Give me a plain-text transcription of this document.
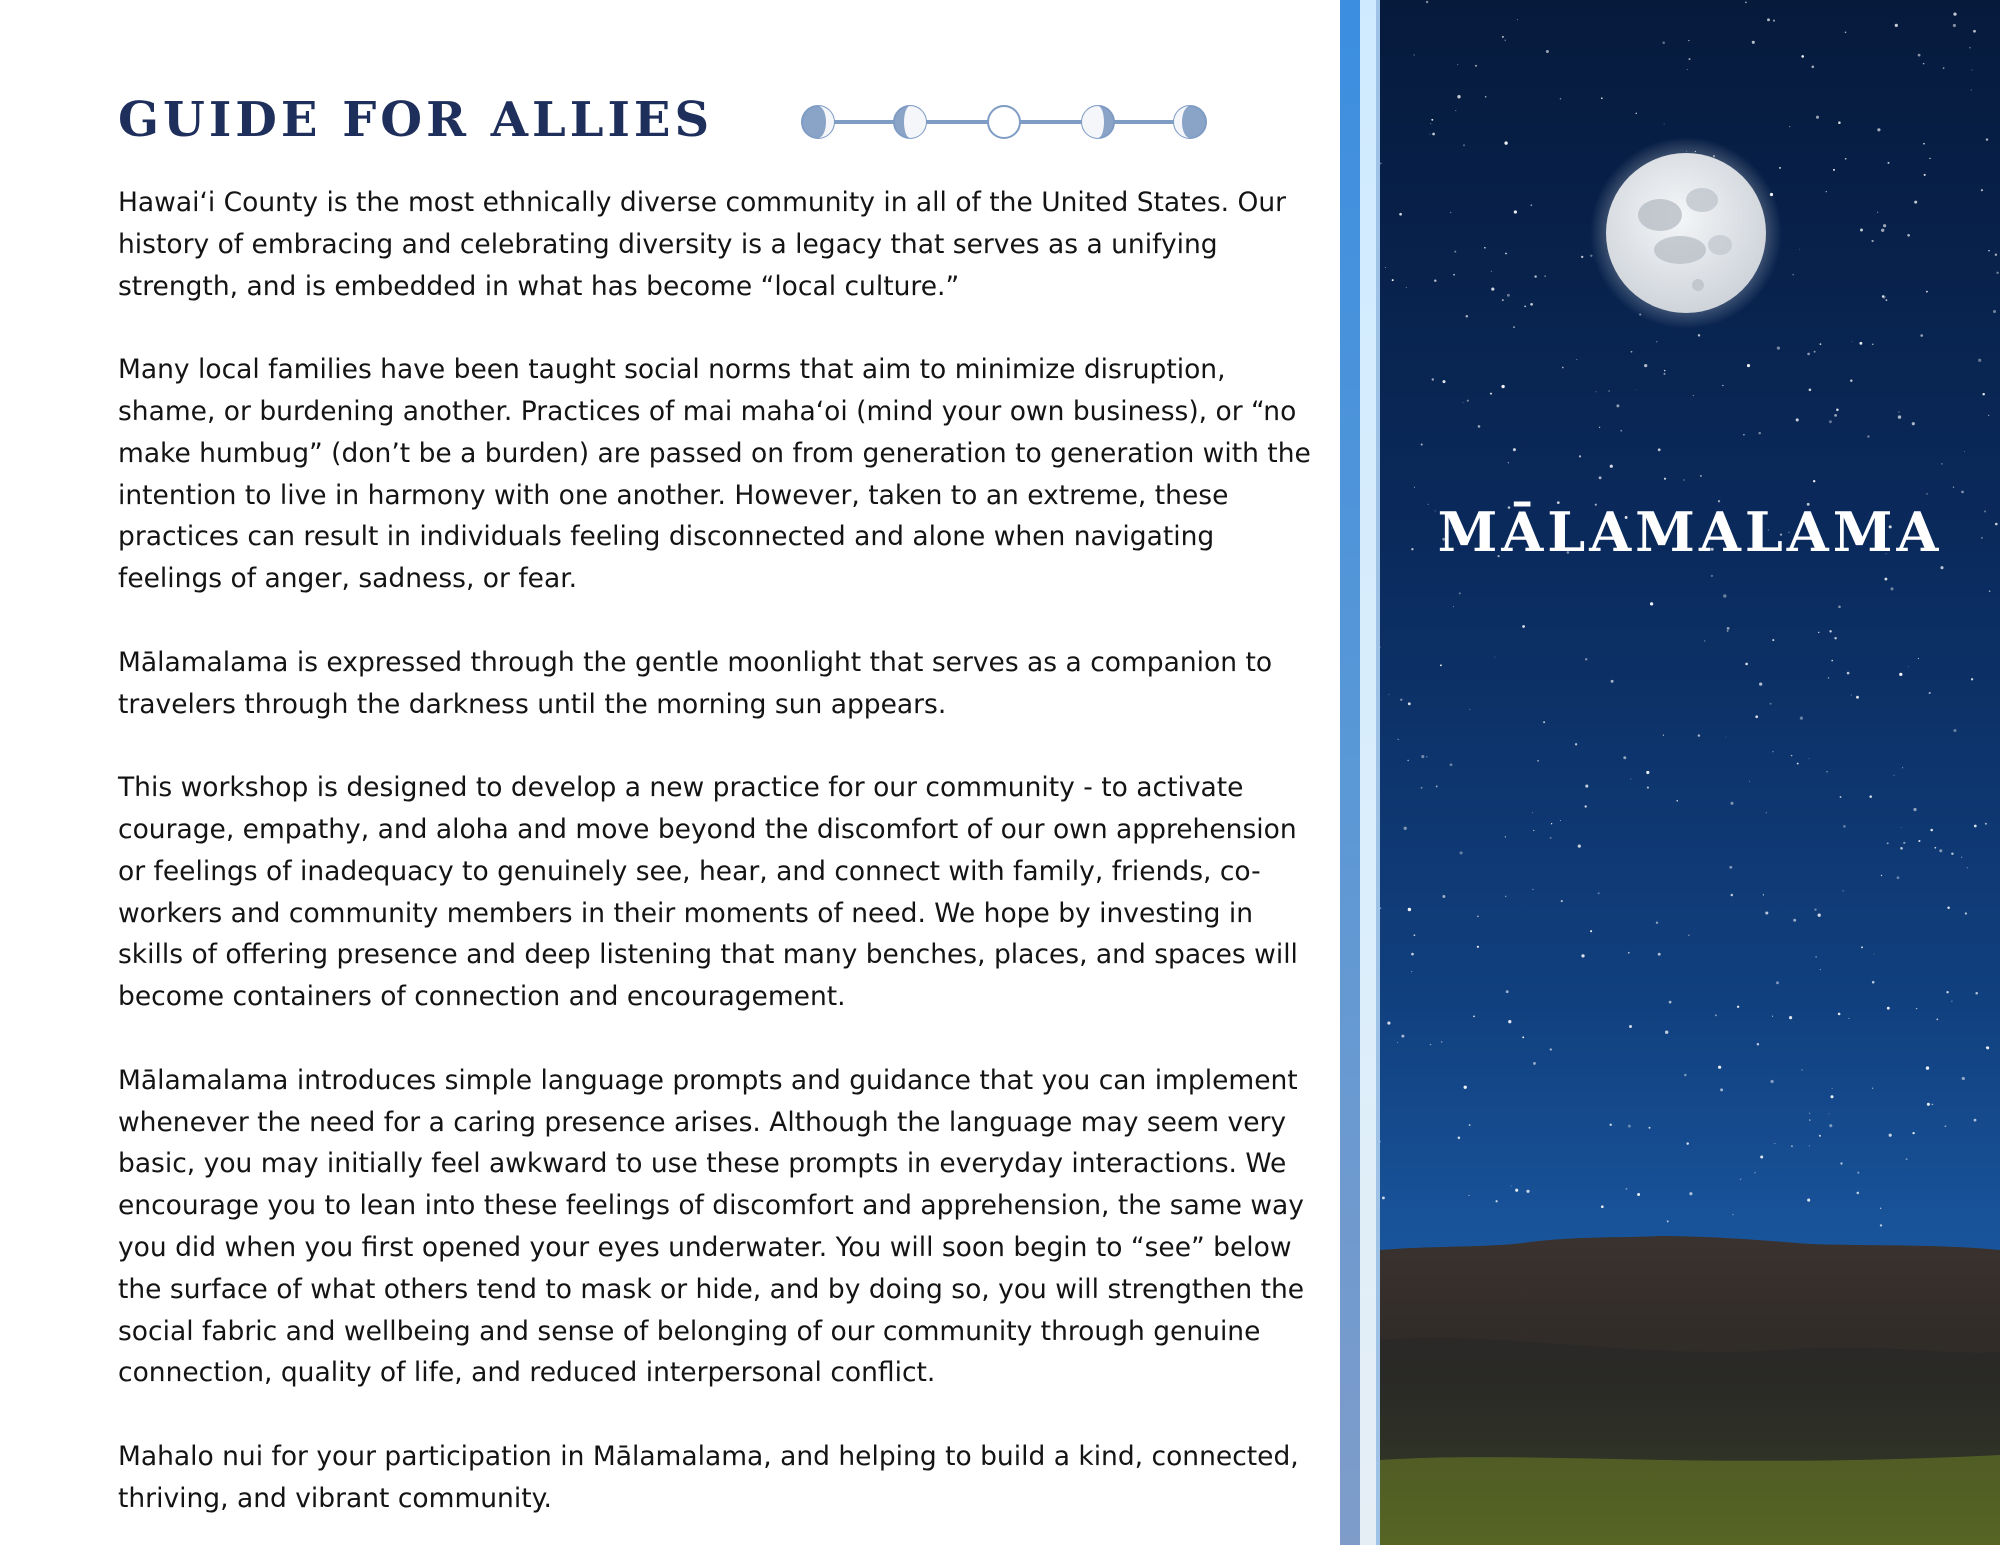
GUIDE FOR ALLIES

Hawaiʻi County is the most ethnically diverse community in all of the United States. Our history of embracing and celebrating diversity is a legacy that serves as a unifying strength, and is embedded in what has become “local culture.”

Many local families have been taught social norms that aim to minimize disruption, shame, or burdening another. Practices of mai mahaʻoi (mind your own business), or “no make humbug” (don’t be a burden) are passed on from generation to generation with the intention to live in harmony with one another. However, taken to an extreme, these practices can result in individuals feeling disconnected and alone when navigating feelings of anger, sadness, or fear.

Mālamalama is expressed through the gentle moonlight that serves as a companion to travelers through the darkness until the morning sun appears.

This workshop is designed to develop a new practice for our community - to activate courage, empathy, and aloha and move beyond the discomfort of our own apprehension or feelings of inadequacy to genuinely see, hear, and connect with family, friends, co-workers and community members in their moments of need. We hope by investing in skills of offering presence and deep listening that many benches, places, and spaces will become containers of connection and encouragement.

Mālamalama introduces simple language prompts and guidance that you can implement whenever the need for a caring presence arises. Although the language may seem very basic, you may initially feel awkward to use these prompts in everyday interactions. We encourage you to lean into these feelings of discomfort and apprehension, the same way you did when you first opened your eyes underwater. You will soon begin to “see” below the surface of what others tend to mask or hide, and by doing so, you will strengthen the social fabric and wellbeing and sense of belonging of our community through genuine connection, quality of life, and reduced interpersonal conflict.

Mahalo nui for your participation in Mālamalama, and helping to build a kind, connected, thriving, and vibrant community.

MĀLAMALAMA
